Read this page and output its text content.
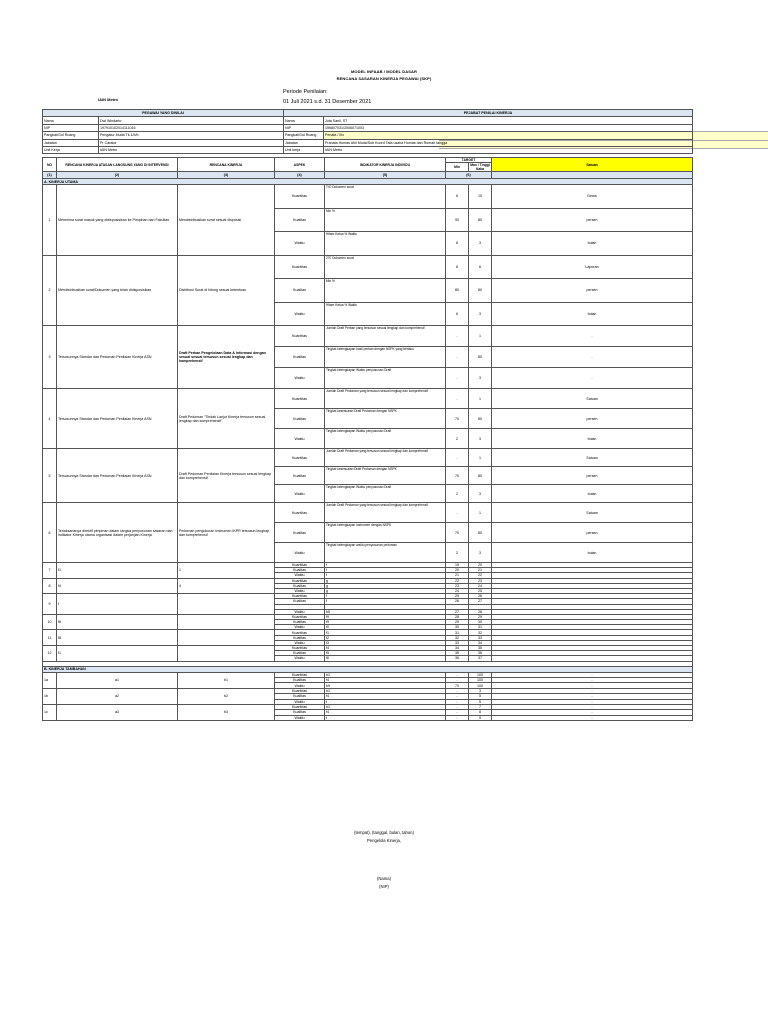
MODEL INFAAB / MODEL DASAR
RENCANA SASARAN KINERJA PEGAWAI (SKP)
Periode Penilaian:
01 Juli 2021 s.d. 31 Desember 2021
IAIN Metro
PEGAWAI YANG DINILAI		PEJABAT PENILAI KINERJA	
Nama	Dwi Windarto	Nama	Juta Sanil, ST
NIP	197910102014111016	NIP	196807031/2006071003
Pangkat/Gol Ruang	Pengatur Muda Tk.1/II/b	Pangkat/Gol Ruang	Penata / IIIc
Jabatan	Pr Caraka	Jabatan	Pranata Humas Ahli Muda/Sub Koord Tata usaha Humas dan Rumah tangga
Unit Kerja	IAIN Metro	Unit kerja	IAIN Metro
NO	RENCANA KINERJA ATASAN LANGSUNG YANG DI INTERVENSI	RENCANA KINERJA	ASPEK	INDIKATOR KINERJA INDIVIDU	TARGET		Satuan
					Min	Max / Tinggi Kaka	
(1)	(2)	(3)	(4)	(5)	(6)		
A. KINERJA UTAMA							
1	Menerima surat masuk yang didisposisikan ke Pimpinan dan Fakultas	Mendistribusikan surat sesuai disposisi	Kuantitas	TIO Dokumen surat	6	10	Dewa
			Kualitas	Min %	90	80	persen
			Waktu	Hitam Ketua % Waktu	6	3	bulan
2	Mendistribusikan surat/Dokumen yang telah didisposisikan	Distribusi Surat di hitung sesuai ketentuan	Kuantitas	270 Dokumen surat	6	6	Laporan
			Kualitas	Min %	80	80	persen
			Waktu	Hitam Ketua % Waktu	6	3	bulan
3	Tersusunnya Standar dan Pedoman Penilaian Kinerja ASN	Draft Perkan Pengelolaan Data & Informasi dengan sesuai sesuai tersusun sesuai lengkap dan komprehensif	Kuantitas	Jumlah Draft Perban yang tersusun sesuai lengkap dan komprehensif	-	1	-
			Kualitas	Tingkat kelengkapan hasil perban dengan NSPK yang berlaku	-	80	-
			Waktu	Tingkat kelengkapan Waktu penyusunan Draft	-	3	-
4	Tersusunnya Standar dan Pedoman Penilaian Kinerja ASN	Draft Pedoman "Tindak Lanjut Kinerja tersusun sesuai lengkap dan komprehensif"	Kuantitas	Jumlah Draft Pedoman yang tersusun sesuai lengkap dan komprehensif	-	1	Satuan
			Kualitas	Tingkat kesesuaian Draft Pedoman dengan NSPK	70	80	persen
			Waktu	Tingkat kelengkapan Waktu penyusunan Draft	2	3	bulan
5	Tersusunnya Standar dan Pedoman Penilaian Kinerja ASN	Draft Pedoman Penilaian Kinerja tersusun sesuai lengkap dan komprehensif	Kuantitas	Jumlah Draft Pedoman yang tersusun sesuai lengkap dan komprehensif	-	1	Satuan
			Kualitas	Tingkat kesesuaian Draft Pedoman dengan NSPK	70	80	persen
			Waktu	Tingkat kelengkapan Waktu penyusunan Draft	2	3	bulan
6	Terlaksananya direktif pimpinan dalam rangka penyusunan sasaran dan indikator Kinerja utama organisasi dalam perjanjian Kinerja	Pedoman pengukuran Instrumen IKPR tersusun lengkap dan komprehensif	Kuantitas	Jumlah Draft Pedoman yang tersusun sesuai lengkap dan komprehensif	-	1	Satuan
			Kualitas	Tingkat kelengkapan instrumen dengan NSPK	70	80	persen
			Waktu	Tingkat kelengkapan waktu penyusunan pedoman	2	3	bulan
7	f1	1	Kuantitas	f	19	20	
			Kualitas	f	20	21	
			Waktu	f	21	22	
8	f4	4	Kuantitas	g	22	23	
			Kualitas	g	23	24	
			Waktu	g	24	25	
9	f		Kuantitas	f	25	26	
			Kualitas	f	26	27	

			Waktu	b5	27	28	
10	f6		Kuantitas	f9	28	29	
			Kualitas	f9	29	30	
			Waktu	f0	30	31	
11	f8		Kuantitas	f1	31	32	
			Kualitas	f2	32	33	
			Waktu	f3	33	34	
12	f1		Kuantitas	f4	34	35	
			Kualitas	f5	35	36	
			Waktu	f6	36	37	

B. KINERJA TAMBAHAN							
1a	a1	b1	Kuantitas	b1	-	100	-
			Kualitas	f4	-	100	-
			Waktu	b9	70	100	-
1b	a2	b2	Kuantitas	b1	-	3	-
			Kualitas	f4	-	5	-
			Waktu	f	-	5	-
1c	a3	b3	Kuantitas	b1	-	7	-
			Kualitas	f4	-	8	-
			Waktu	f	-	9	-
(tempat), (tanggal, bulan, tahun)
Pengelola Kinerja,
(Nama)
(NIP)
